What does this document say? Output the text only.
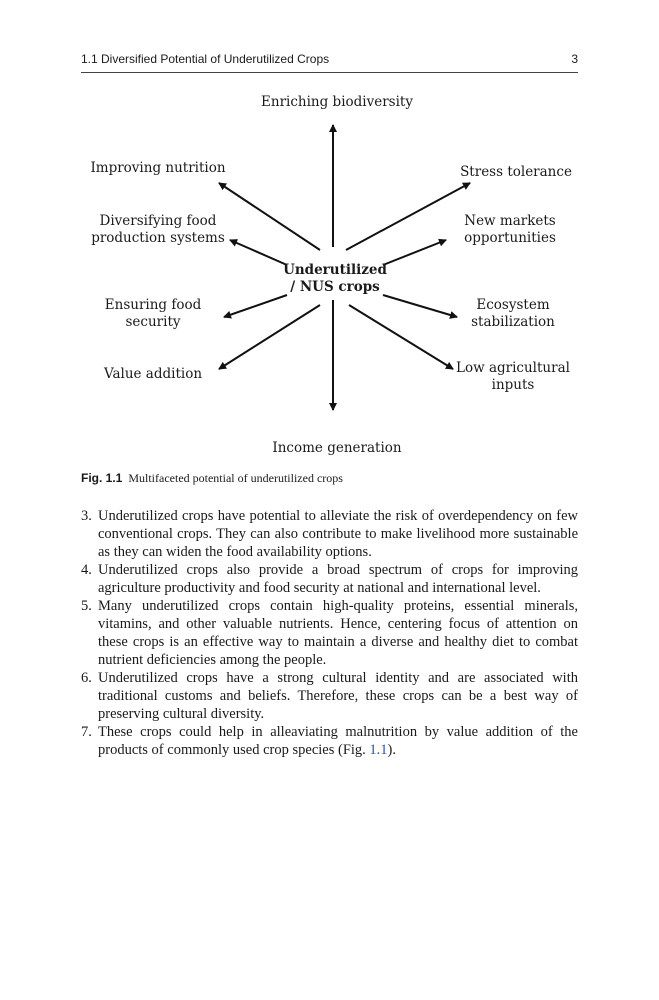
1.1 Diversified Potential of Underutilized Crops	3
Enriching biodiversity
Income generation
Underutilized
/ NUS crops
Improving nutrition
Diversifying food
production systems
Ensuring food
security
Value addition
Stress tolerance
New markets
opportunities
Ecosystem
stabilization
Low agricultural
inputs
Fig. 1.1 Multifaceted potential of underutilized crops
3. Underutilized crops have potential to alleviate the risk of overdependency on few conventional crops. They can also contribute to make livelihood more sustainable as they can widen the food availability options.
4. Underutilized crops also provide a broad spectrum of crops for improving agriculture productivity and food security at national and international level.
5. Many underutilized crops contain high-quality proteins, essential minerals, vitamins, and other valuable nutrients. Hence, centering focus of attention on these crops is an effective way to maintain a diverse and healthy diet to combat nutrient deficiencies among the people.
6. Underutilized crops have a strong cultural identity and are associated with traditional customs and beliefs. Therefore, these crops can be a best way of preserving cultural diversity.
7. These crops could help in alleaviating malnutrition by value addition of the products of commonly used crop species (Fig. 1.1).
